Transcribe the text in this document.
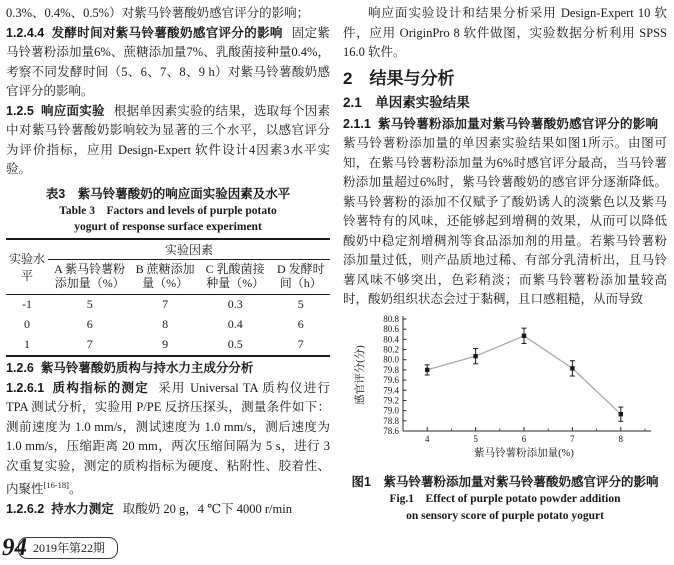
0.3%、0.4%、0.5%）对紫马铃薯酸奶感官评分的影响；

1.2.4.4 发酵时间对紫马铃薯酸奶感官评分的影响 固定紫马铃薯粉添加量6%、蔗糖添加量7%、乳酸菌接种量0.4%，考察不同发酵时间（5、6、7、8、9 h）对紫马铃薯酸奶感官评分的影响。

1.2.5 响应面实验 根据单因素实验的结果，选取每个因素中对紫马铃薯酸奶影响较为显著的三个水平，以感官评分为评价指标，应用 Design-Expert 软件设计4因素3水平实验。

表3　紫马铃薯酸奶的响应面实验因素及水平
Table 3　Factors and levels of purple potato
yogurt of response surface experiment
实验水平	实验因素			
	A 紫马铃薯粉添加量（%）	B 蔗糖添加量（%）	C 乳酸菌接种量（%）	D 发酵时间（h）
-1	5	7	0.3	5
0	6	8	0.4	6
1	7	9	0.5	7

1.2.6 紫马铃薯酸奶质构与持水力主成分分析

1.2.6.1 质构指标的测定 采用 Universal TA 质构仪进行 TPA 测试分析，实验用 P/PE 反挤压探头，测量条件如下：测前速度为 1.0 mm/s，测试速度为 1.0 mm/s，测后速度为 1.0 mm/s，压缩距离 20 mm，两次压缩间隔为 5 s，进行 3 次重复实验，测定的质构指标为硬度、粘附性、胶着性、内聚性[16-18]。

1.2.6.2 持水力测定 取酸奶 20 g，4 ℃下 4000 r/min

响应面实验设计和结果分析采用 Design-Expert 10 软件，应用 OriginPro 8 软件做图，实验数据分析利用 SPSS 16.0 软件。

2　结果与分析
2.1　单因素实验结果

2.1.1 紫马铃薯粉添加量对紫马铃薯酸奶感官评分的影响紫马铃薯粉添加量的单因素实验结果如图1所示。由图可知，在紫马铃薯粉添加量为6%时感官评分最高，当马铃薯粉添加量超过6%时，紫马铃薯酸奶的感官评分逐渐降低。紫马铃薯粉的添加不仅赋予了酸奶诱人的淡紫色以及紫马铃薯特有的风味，还能够起到增稠的效果，从而可以降低酸奶中稳定剂增稠剂等食品添加剂的用量。若紫马铃薯粉添加量过低，则产品质地过稀、有部分乳清析出，且马铃薯风味不够突出，色彩稍淡；而紫马铃薯粉添加量较高时，酸奶组织状态会过于黏稠，且口感粗糙，从而导致

78.6
78.8
79.0
79.2
79.4
79.6
79.8
80.0
80.2
80.4
80.6
80.8
4	5	6	7	8
紫马铃薯粉添加量(%)
感官评分(分)
图1　紫马铃薯粉添加量对紫马铃薯酸奶感官评分的影响
Fig.1　Effect of purple potato powder addition
on sensory score of purple potato yogurt
94 2019年第22期
